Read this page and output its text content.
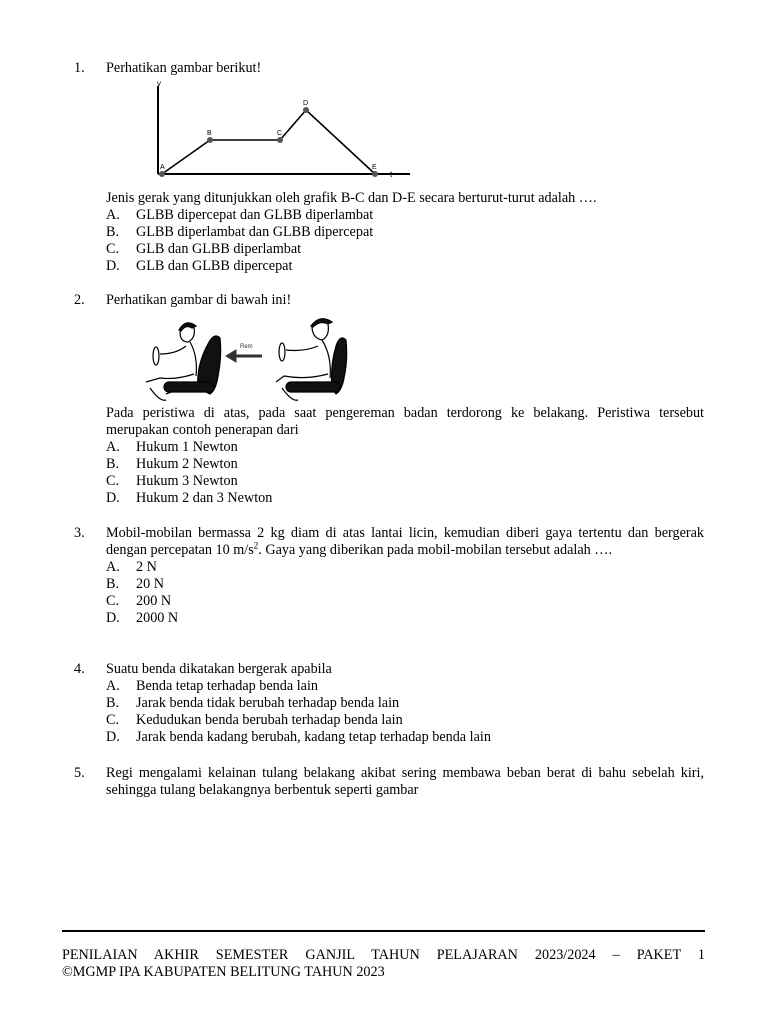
1. Perhatikan gambar berikut!
v
t
A
B	C
D
E
Jenis gerak yang ditunjukkan oleh grafik B-C dan D-E secara berturut-turut adalah ….
A. GLBB dipercepat dan GLBB diperlambat
B. GLBB diperlambat dan GLBB dipercepat
C. GLB dan GLBB diperlambat
D. GLB dan GLBB dipercepat
2. Perhatikan gambar di bawah ini!
Rem
Pada peristiwa di atas, pada saat pengereman badan terdorong ke belakang. Peristiwa tersebut merupakan contoh penerapan dari
A. Hukum 1 Newton
B. Hukum 2 Newton
C. Hukum 3 Newton
D. Hukum 2 dan 3 Newton
3. Mobil-mobilan bermassa 2 kg diam di atas lantai licin, kemudian diberi gaya tertentu dan bergerak dengan percepatan 10 $m/s^2$. Gaya yang diberikan pada mobil-mobilan tersebut adalah ….
A. 2 N
B. 20 N
C. 200 N
D. 2000 N
4. Suatu benda dikatakan bergerak apabila
A. Benda tetap terhadap benda lain
B. Jarak benda tidak berubah terhadap benda lain
C. Kedudukan benda berubah terhadap benda lain
D. Jarak benda kadang berubah, kadang tetap terhadap benda lain
5. Regi mengalami kelainan tulang belakang akibat sering membawa beban berat di bahu sebelah kiri, sehingga tulang belakangnya berbentuk seperti gambar
PENILAIAN AKHIR SEMESTER GANJIL TAHUN PELAJARAN 2023/2024 – PAKET 1
©MGMP IPA KABUPATEN BELITUNG TAHUN 2023
